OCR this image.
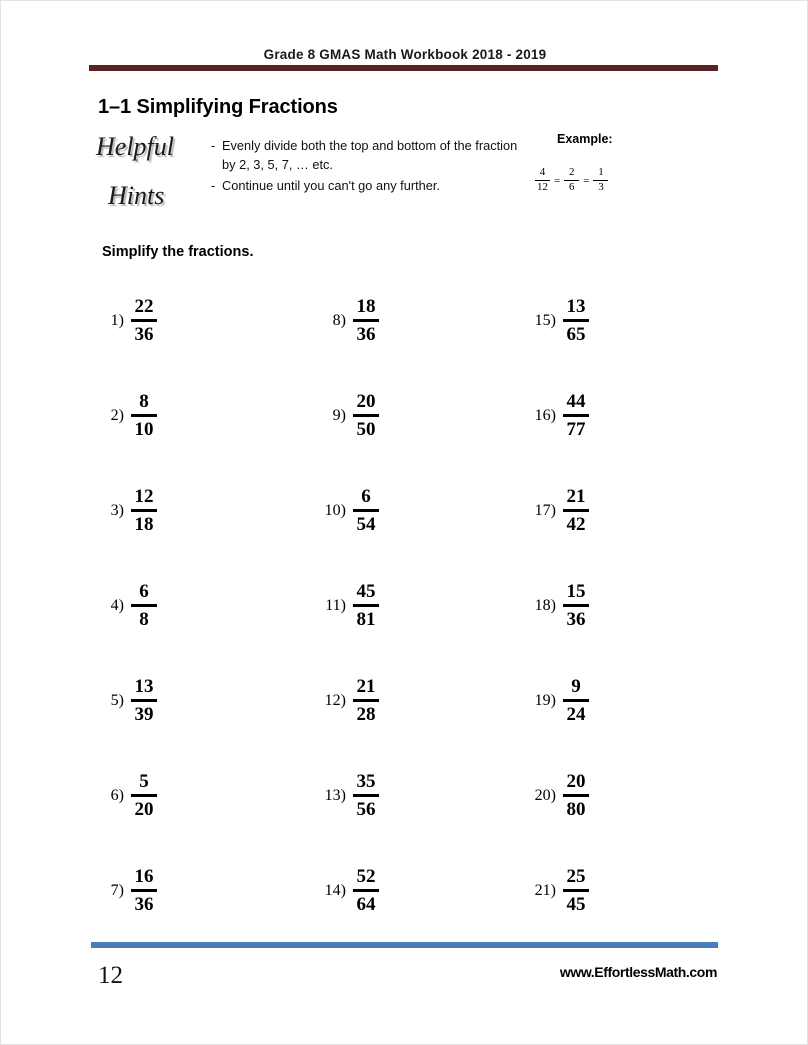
Grade 8 GMAS Math Workbook 2018 - 2019
1–1 Simplifying Fractions
Helpful
Hints
- Evenly divide both the top and bottom of the fraction by 2, 3, 5, 7, … etc.
- Continue until you can't go any further.
Example:
$\frac{4}{12} = \frac{2}{6} = \frac{1}{3}$
Simplify the fractions.
$1) \frac{22}{36}$
$2) \frac{8}{10}$
$3) \frac{12}{18}$
$4) \frac{6}{8}$
$5) \frac{13}{39}$
$6) \frac{5}{20}$
$7) \frac{16}{36}$
$8) \frac{18}{36}$
$9) \frac{20}{50}$
$10) \frac{6}{54}$
$11) \frac{45}{81}$
$12) \frac{21}{28}$
$13) \frac{35}{56}$
$14) \frac{52}{64}$
$15) \frac{13}{65}$
$16) \frac{44}{77}$
$17) \frac{21}{42}$
$18) \frac{15}{36}$
$19) \frac{9}{24}$
$20) \frac{20}{80}$
$21) \frac{25}{45}$
12	www.EffortlessMath.com
